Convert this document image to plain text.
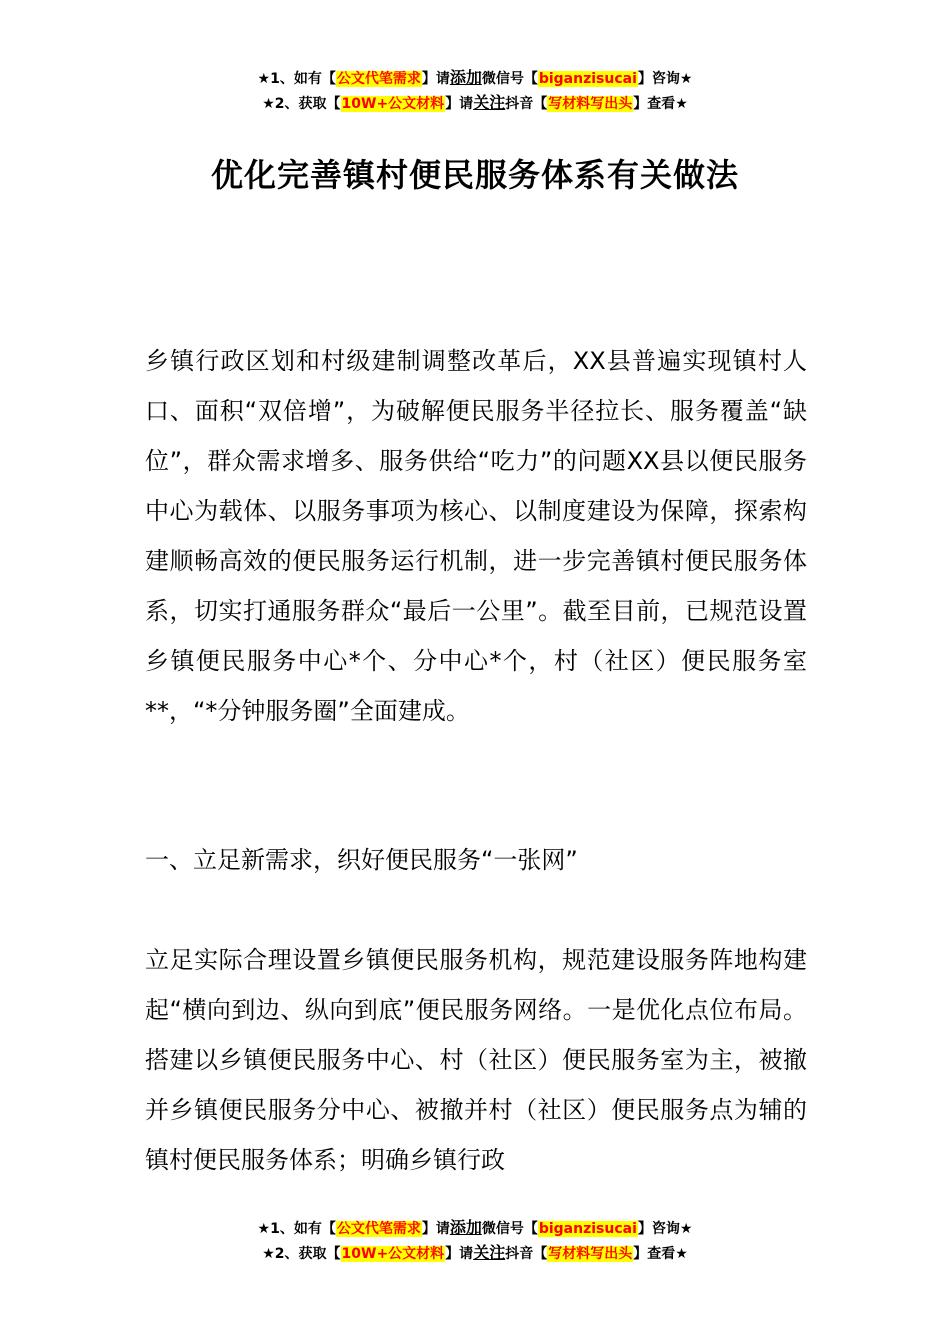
★1、如有【公文代笔需求】请添加微信号【biganzisucai】咨询★
★2、获取【10W+公文材料】请关注抖音【写材料写出头】查看★
优化完善镇村便民服务体系有关做法

乡镇行政区划和村级建制调整改革后，XX县普遍实现镇村人口、面积“双倍增”，为破解便民服务半径拉长、服务覆盖“缺位”，群众需求增多、服务供给“吃力”的问题XX县以便民服务中心为载体、以服务事项为核心、以制度建设为保障，探索构建顺畅高效的便民服务运行机制，进一步完善镇村便民服务体系，切实打通服务群众“最后一公里”。截至目前，已规范设置乡镇便民服务中心*个、分中心*个，村（社区）便民服务室**，“*分钟服务圈”全面建成。

一、立足新需求，织好便民服务“一张网”

立足实际合理设置乡镇便民服务机构，规范建设服务阵地构建起“横向到边、纵向到底”便民服务网络。一是优化点位布局。搭建以乡镇便民服务中心、村（社区）便民服务室为主，被撤并乡镇便民服务分中心、被撤并村（社区）便民服务点为辅的镇村便民服务体系；明确乡镇行政

★1、如有【公文代笔需求】请添加微信号【biganzisucai】咨询★
★2、获取【10W+公文材料】请关注抖音【写材料写出头】查看★
